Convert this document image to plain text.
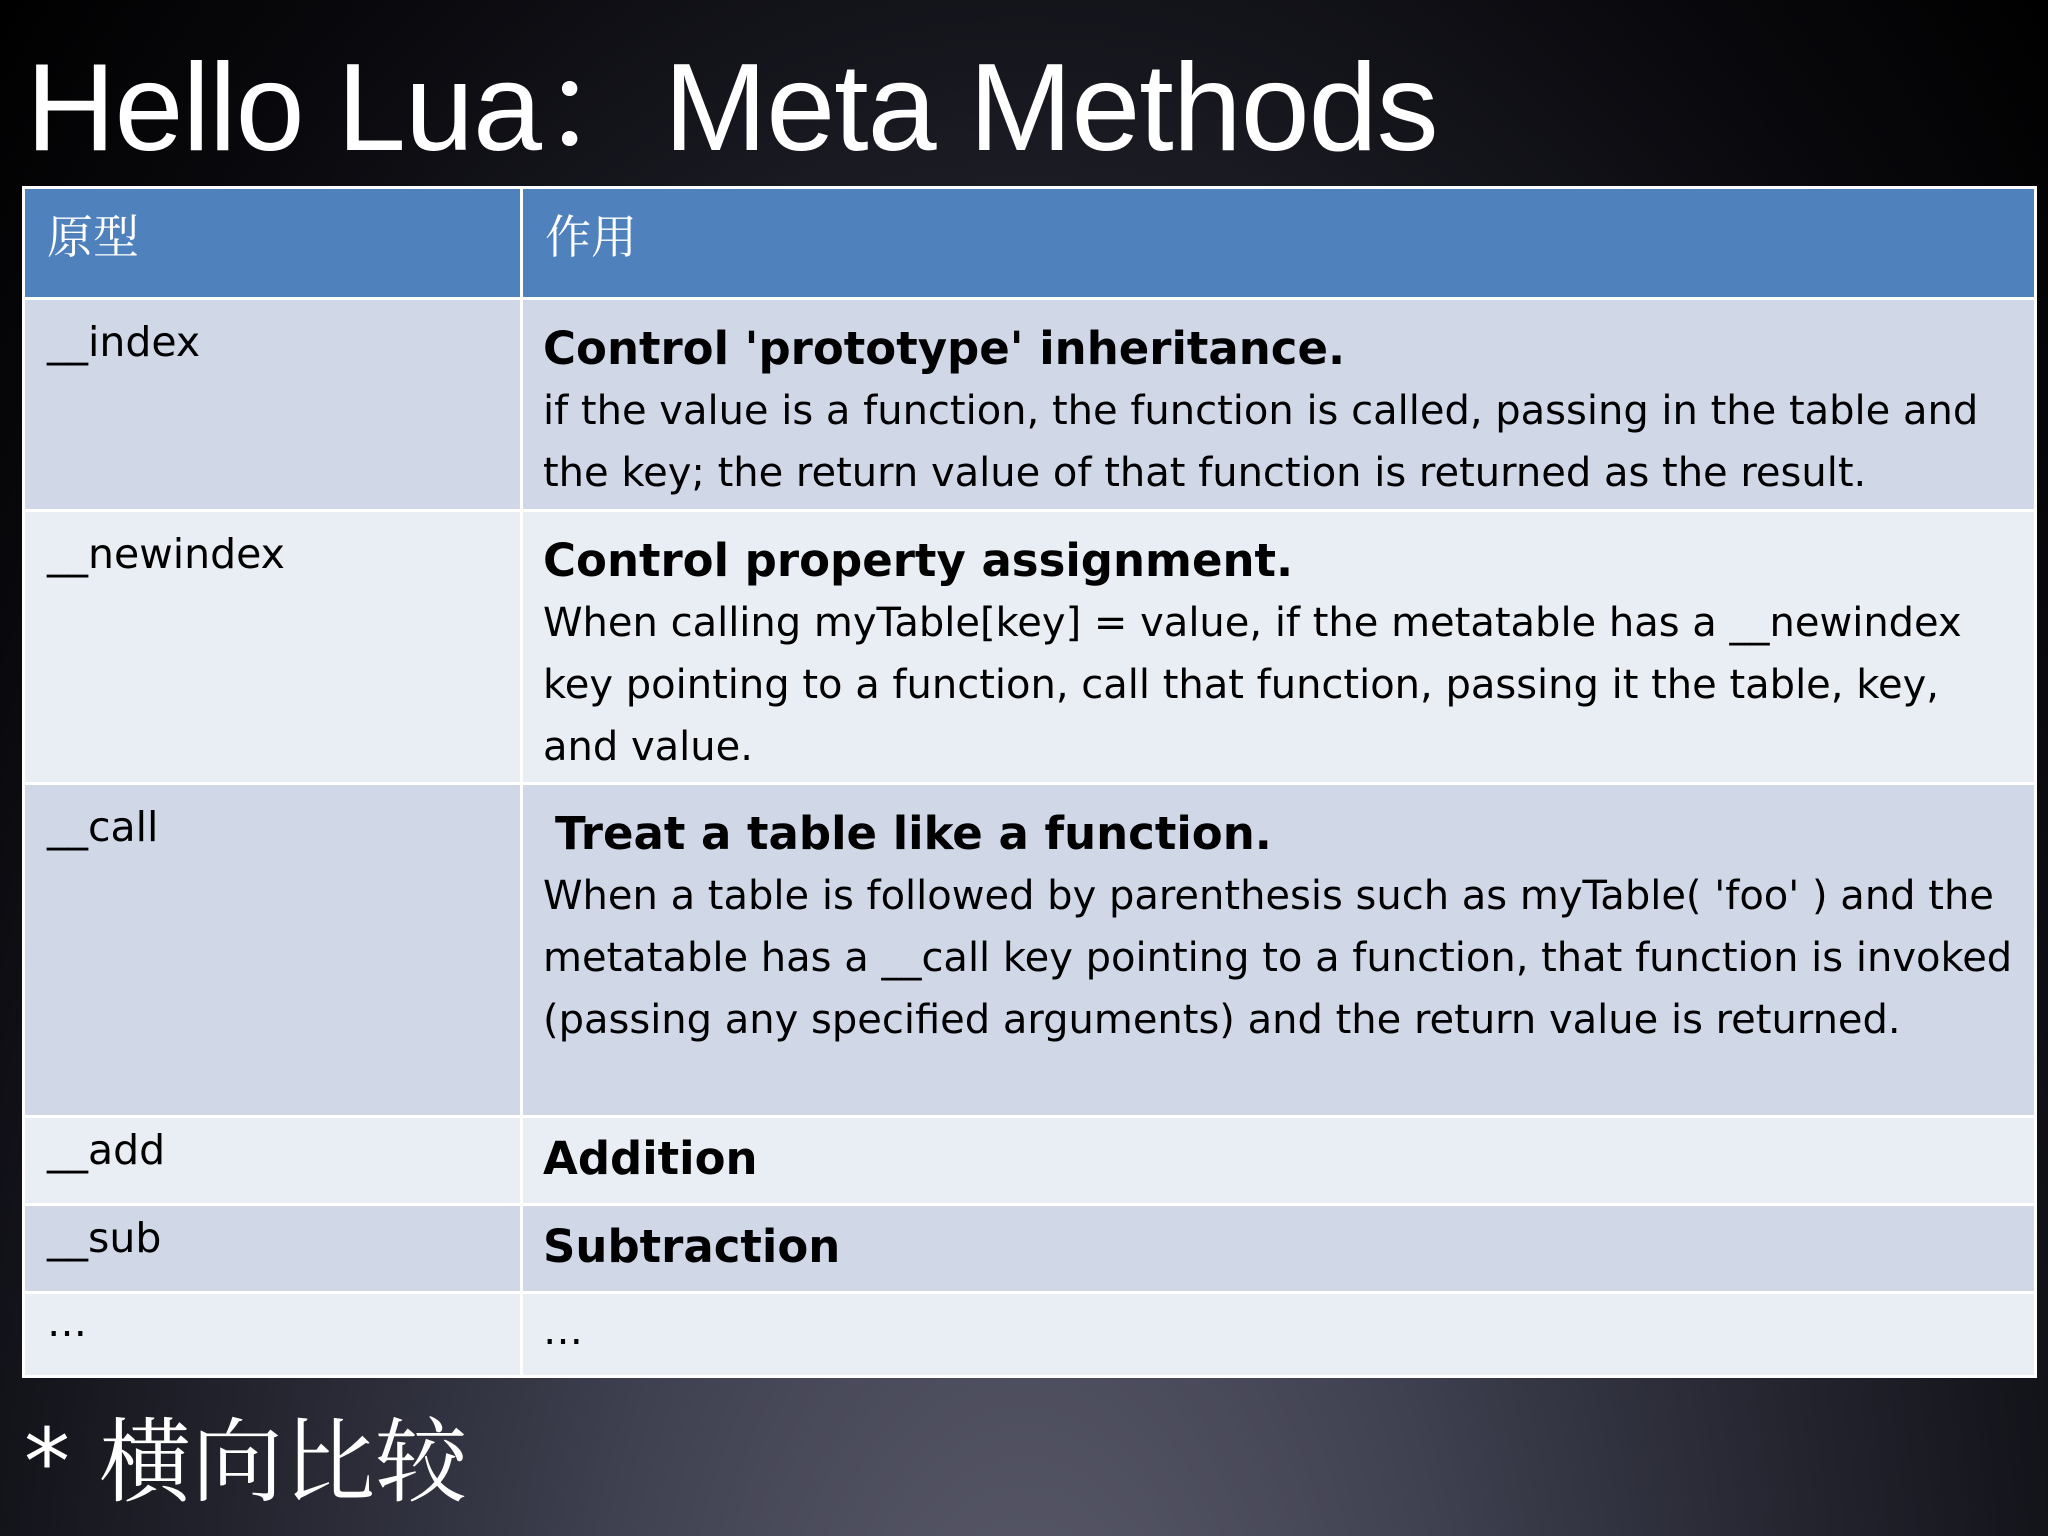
Hello Lua：Meta Methods
原型	作用
__index	Control 'prototype' inheritance.
if the value is a function, the function is called, passing in the table and the key; the return value of that function is returned as the result.

__newindex	Control property assignment.
When calling myTable[key] = value, if the metatable has a __newindex key pointing to a function, call that function, passing it the table, key, and value.

__call	Treat a table like a function.
When a table is followed by parenthesis such as myTable( 'foo' ) and the metatable has a __call key pointing to a function, that function is invoked (passing any specified arguments) and the return value is returned.

__add	Addition

__sub	Subtraction

…	…
* 横向比较
